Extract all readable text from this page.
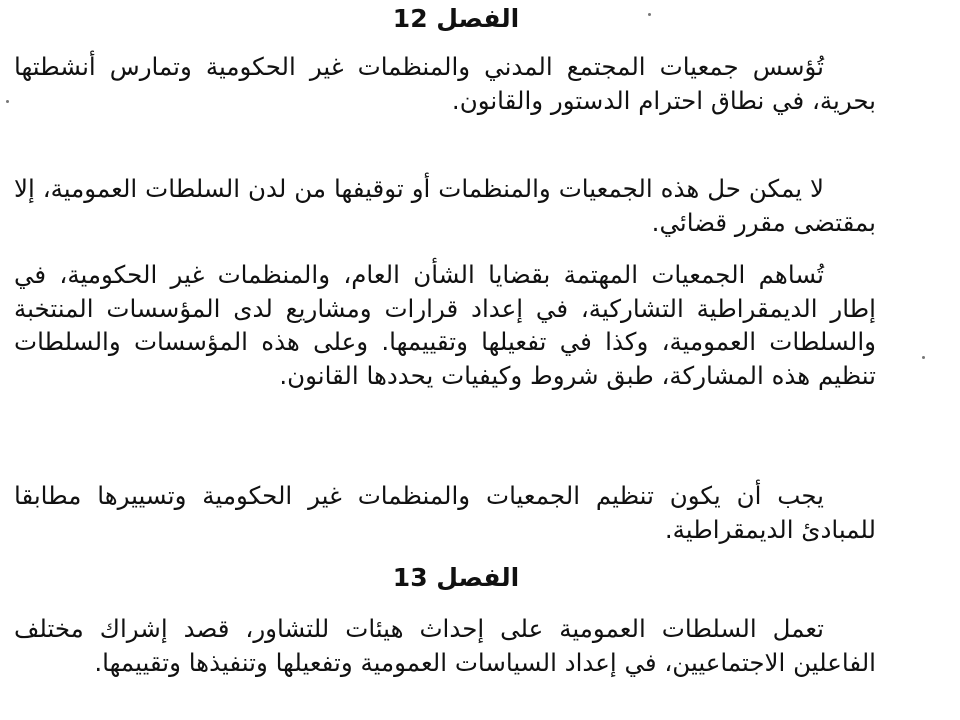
الفصل 12

تُؤسس جمعيات المجتمع المدني والمنظمات غير الحكومية وتمارس أنشطتها بحرية، في نطاق احترام الدستور والقانون.

لا يمكن حل هذه الجمعيات والمنظمات أو توقيفها من لدن السلطات العمومية، إلا بمقتضى مقرر قضائي.

تُساهم الجمعيات المهتمة بقضايا الشأن العام، والمنظمات غير الحكومية، في إطار الديمقراطية التشاركية، في إعداد قرارات ومشاريع لدى المؤسسات المنتخبة والسلطات العمومية، وكذا في تفعيلها وتقييمها. وعلى هذه المؤسسات والسلطات تنظيم هذه المشاركة، طبق شروط وكيفيات يحددها القانون.

يجب أن يكون تنظيم الجمعيات والمنظمات غير الحكومية وتسييرها مطابقا للمبادئ الديمقراطية.

الفصل 13

تعمل السلطات العمومية على إحداث هيئات للتشاور، قصد إشراك مختلف الفاعلين الاجتماعيين، في إعداد السياسات العمومية وتفعيلها وتنفيذها وتقييمها.
